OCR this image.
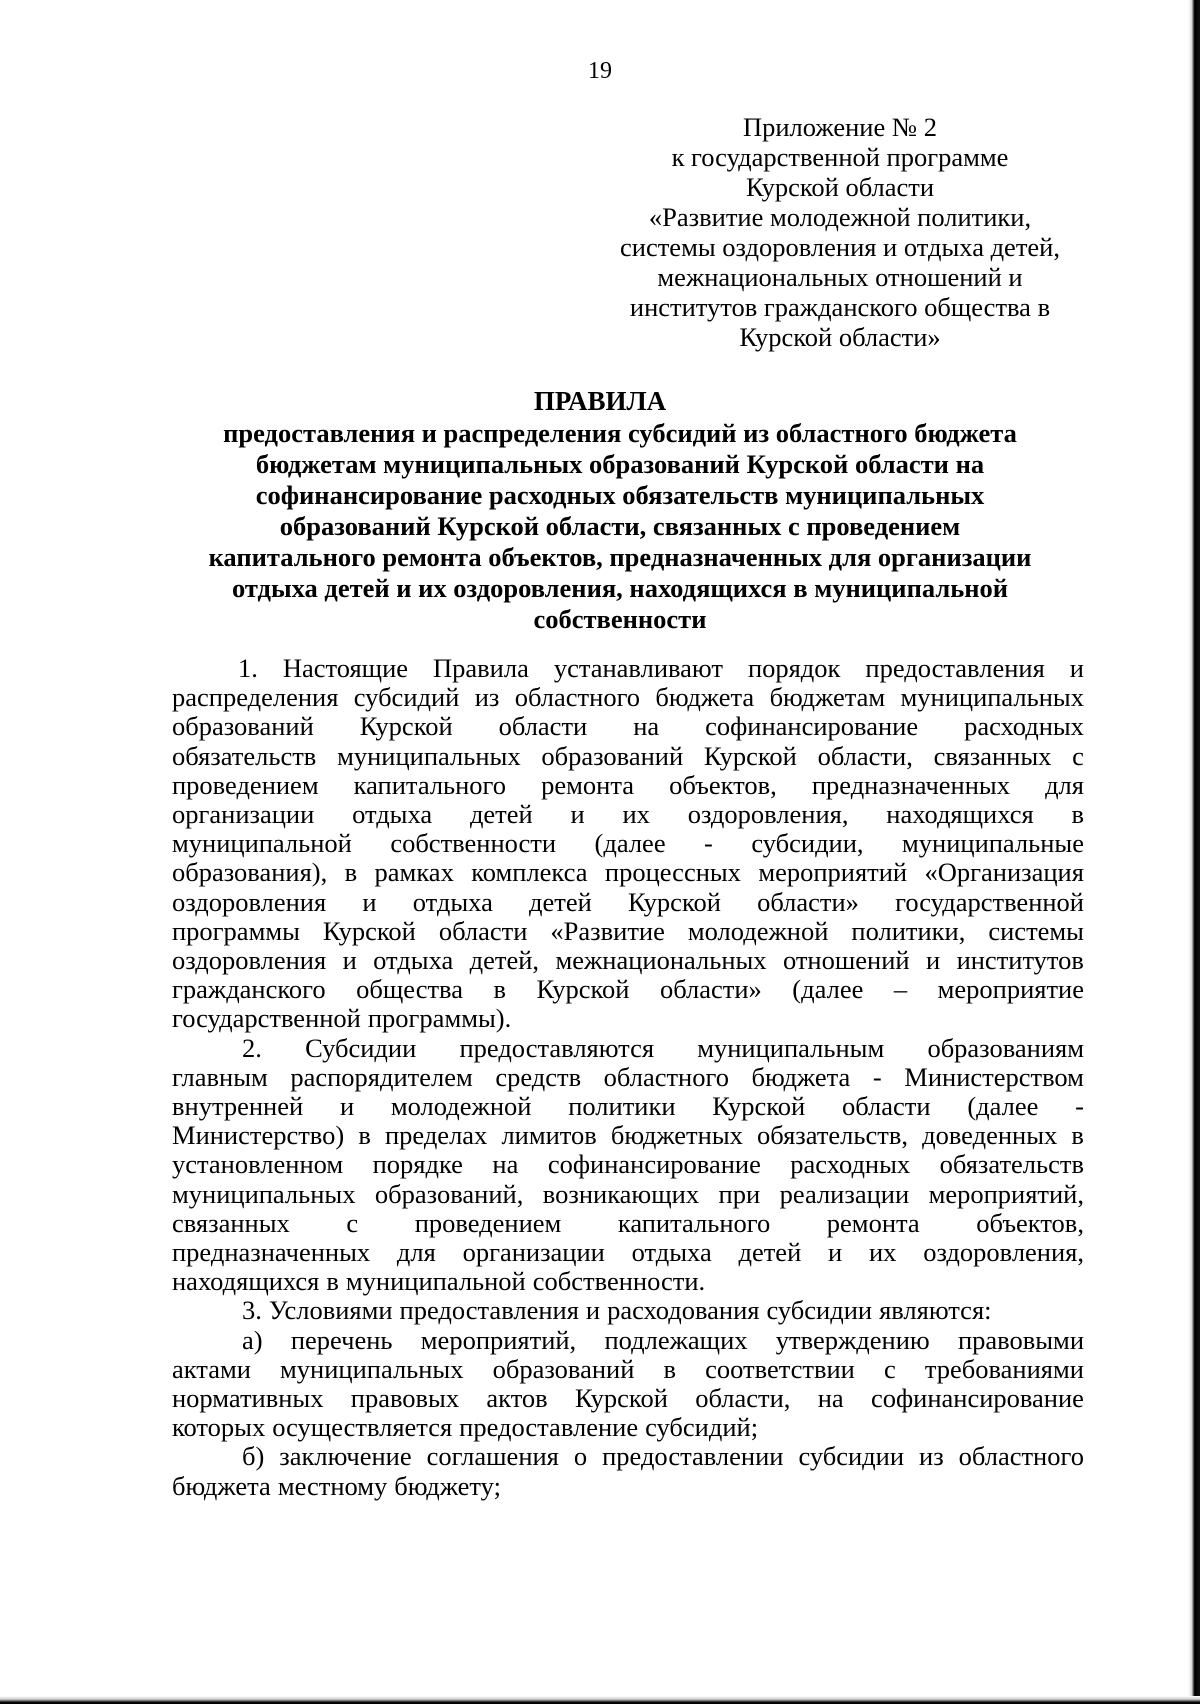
19
Приложение № 2
к государственной программе
Курской области
«Развитие молодежной политики,
системы оздоровления и отдыха детей,
межнациональных отношений и
институтов гражданского общества в
Курской области»
ПРАВИЛА
предоставления и распределения субсидий из областного бюджета
бюджетам муниципальных образований Курской области на
софинансирование расходных обязательств муниципальных
образований Курской области, связанных с проведением
капитального ремонта объектов, предназначенных для организации
отдыха детей и их оздоровления, находящихся в муниципальной
собственности
1. Настоящие Правила устанавливают порядок предоставления и
распределения субсидий из областного бюджета бюджетам муниципальных
образований Курской области на софинансирование расходных
обязательств муниципальных образований Курской области, связанных с
проведением капитального ремонта объектов, предназначенных для
организации отдыха детей и их оздоровления, находящихся в
муниципальной собственности (далее - субсидии, муниципальные
образования), в рамках комплекса процессных мероприятий «Организация
оздоровления и отдыха детей Курской области» государственной
программы Курской области «Развитие молодежной политики, системы
оздоровления и отдыха детей, межнациональных отношений и институтов
гражданского общества в Курской области» (далее – мероприятие
государственной программы).
2. Субсидии предоставляются муниципальным образованиям
главным распорядителем средств областного бюджета - Министерством
внутренней и молодежной политики Курской области (далее -
Министерство) в пределах лимитов бюджетных обязательств, доведенных в
установленном порядке на софинансирование расходных обязательств
муниципальных образований, возникающих при реализации мероприятий,
связанных с проведением капитального ремонта объектов,
предназначенных для организации отдыха детей и их оздоровления,
находящихся в муниципальной собственности.
3. Условиями предоставления и расходования субсидии являются:
а) перечень мероприятий, подлежащих утверждению правовыми
актами муниципальных образований в соответствии с требованиями
нормативных правовых актов Курской области, на софинансирование
которых осуществляется предоставление субсидий;
б) заключение соглашения о предоставлении субсидии из областного
бюджета местному бюджету;
